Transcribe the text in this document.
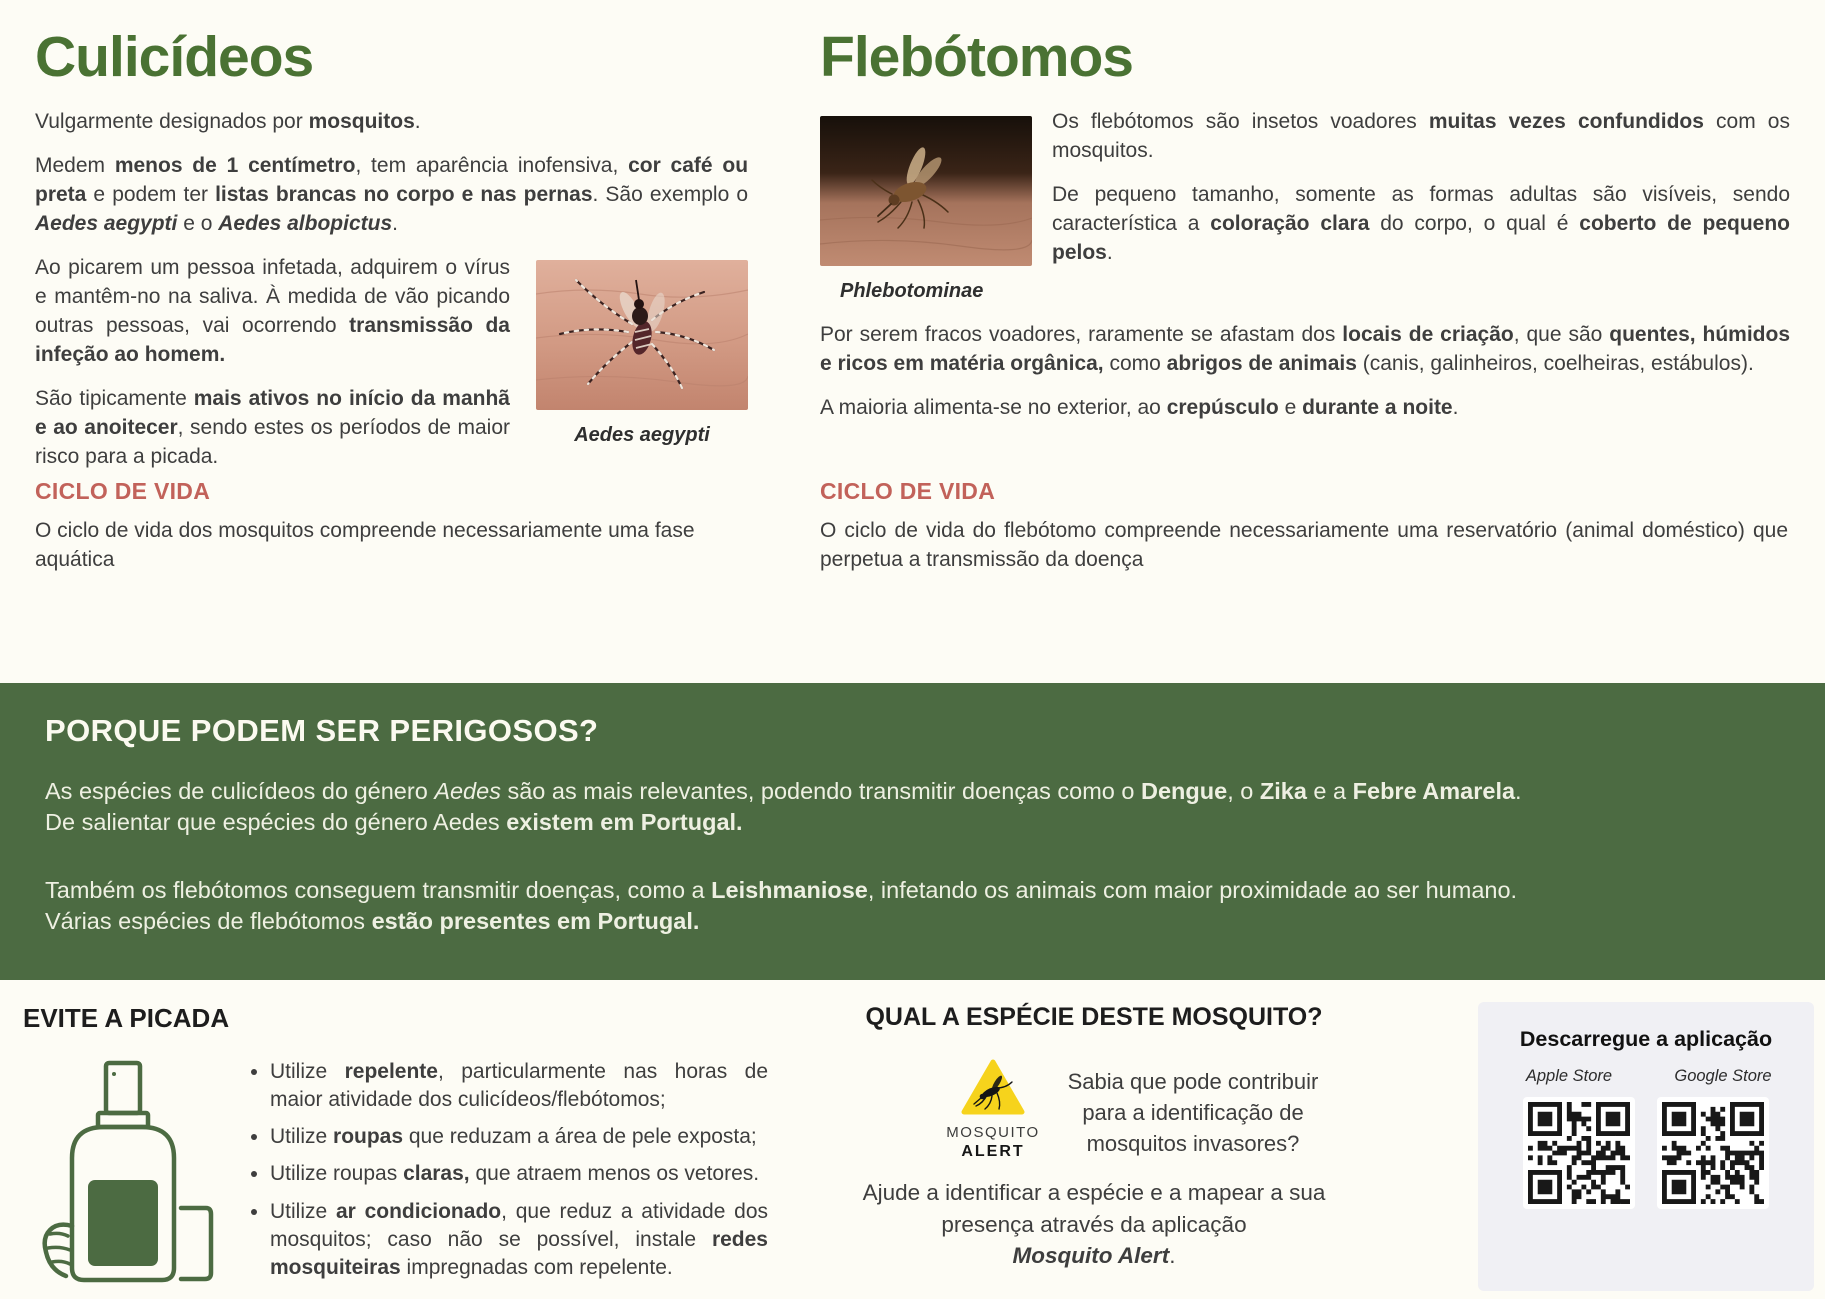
Culicídeos

Vulgarmente designados por mosquitos.

Medem menos de 1 centímetro, tem aparência inofensiva, cor café ou preta e podem ter listas brancas no corpo e nas pernas. São exemplo o Aedes aegypti e o Aedes albopictus.

Aedes aegypti

Ao picarem um pessoa infetada, adquirem o vírus e mantêm-no na saliva. À medida de vão picando outras pessoas, vai ocorrendo transmissão da infeção ao homem.

São tipicamente mais ativos no início da manhã e ao anoitecer, sendo estes os períodos de maior risco para a picada.

Flebótomos
Phlebotominae

Os flebótomos são insetos voadores muitas vezes confundidos com os mosquitos.

De pequeno tamanho, somente as formas adultas são visíveis, sendo característica a coloração clara do corpo, o qual é coberto de pequeno pelos.

Por serem fracos voadores, raramente se afastam dos locais de criação, que são quentes, húmidos e ricos em matéria orgânica, como abrigos de animais (canis, galinheiros, coelheiras, estábulos).

A maioria alimenta-se no exterior, ao crepúsculo e durante a noite.

CICLO DE VIDA

O ciclo de vida dos mosquitos compreende necessariamente uma fase aquática

CICLO DE VIDA

O ciclo de vida do flebótomo compreende necessariamente uma reservatório (animal doméstico) que perpetua a transmissão da doença

PORQUE PODEM SER PERIGOSOS?

As espécies de culicídeos do género Aedes são as mais relevantes, podendo transmitir doenças como o Dengue, o Zika e a Febre Amarela.
De salientar que espécies do género Aedes existem em Portugal.

Também os flebótomos conseguem transmitir doenças, como a Leishmaniose, infetando os animais com maior proximidade ao ser humano.
Várias espécies de flebótomos estão presentes em Portugal.

EVITE A PICADA
• Utilize repelente, particularmente nas horas de maior atividade dos culicídeos/flebótomos;
• Utilize roupas que reduzam a área de pele exposta;
• Utilize roupas claras, que atraem menos os vetores.
• Utilize ar condicionado, que reduz a atividade dos mosquitos; caso não se possível, instale redes mosquiteiras impregnadas com repelente.
QUAL A ESPÉCIE DESTE MOSQUITO?
MOSQUITO
ALERT
Sabia que pode contribuir para a identificação de mosquitos invasores?

Ajude a identificar a espécie e a mapear a sua presença através da aplicação
Mosquito Alert.

Descarregue a aplicação
Apple Store	Google Store
